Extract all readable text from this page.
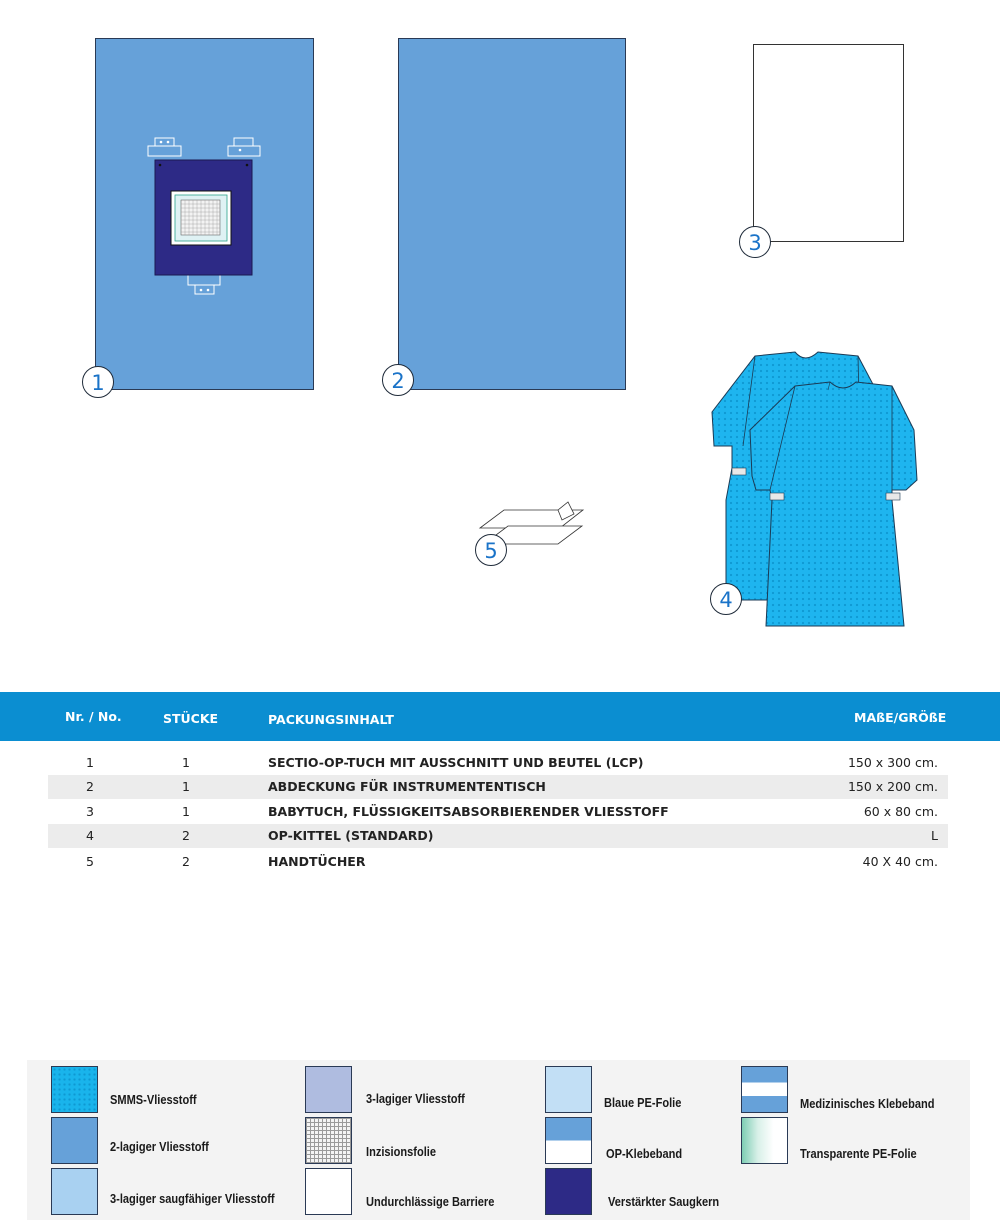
1	2
3
4
5
Nr. / No.	STÜCKE	PACKUNGSINHALT	MAßE/GRÖßE
1	1	SECTIO-OP-TUCH MIT AUSSCHNITT UND BEUTEL (LCP)	150 x 300 cm.
2	1	ABDECKUNG FÜR INSTRUMENTENTISCH	150 x 200 cm.
3	1	BABYTUCH, FLÜSSIGKEITSABSORBIERENDER VLIESSTOFF	60 x 80 cm.
4	2	OP-KITTEL (STANDARD)	L
5	2	HANDTÜCHER	40 X 40 cm.
SMMS-Vliesstoff
2-lagiger Vliesstoff
3-lagiger saugfähiger Vliesstoff
3-lagiger Vliesstoff
Inzisionsfolie
Undurchlässige Barriere
Blaue PE-Folie
OP-Klebeband
Verstärkter Saugkern
Medizinisches Klebeband
Transparente PE-Folie
